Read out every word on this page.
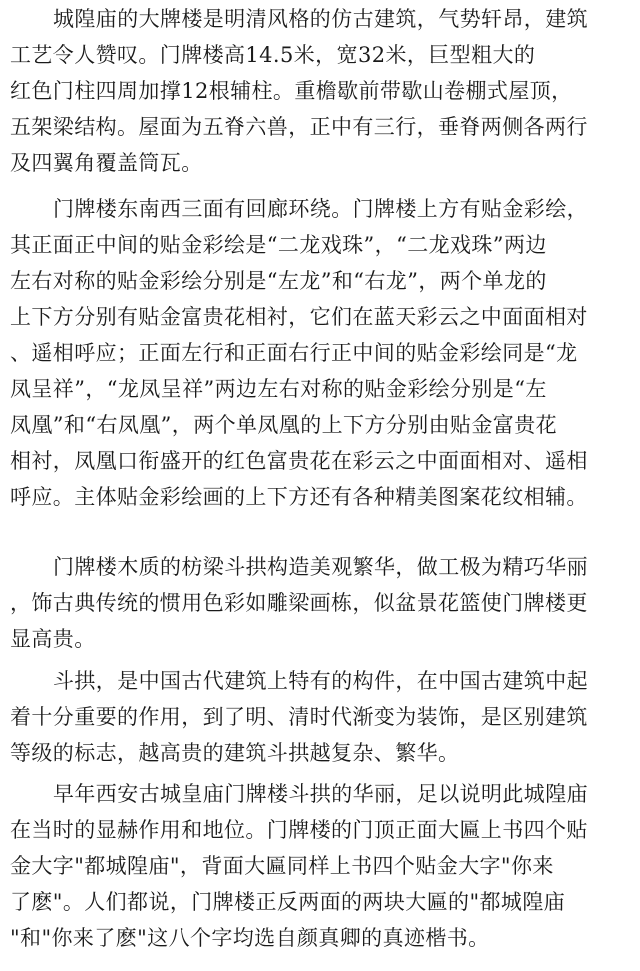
城隍庙的大牌楼是明清风格的仿古建筑，气势轩昂，建筑
工艺令人赞叹。门牌楼高14.5米，宽32米，巨型粗大的
红色门柱四周加撑12根辅柱。重檐歇前带歇山卷棚式屋顶，
五架梁结构。屋面为五脊六兽，正中有三行，垂脊两侧各两行
及四翼角覆盖筒瓦。
门牌楼东南西三面有回廊环绕。门牌楼上方有贴金彩绘，
其正面正中间的贴金彩绘是“二龙戏珠”，“二龙戏珠”两边
左右对称的贴金彩绘分别是“左龙”和“右龙”，两个单龙的
上下方分别有贴金富贵花相衬，它们在蓝天彩云之中面面相对
、遥相呼应；正面左行和正面右行正中间的贴金彩绘同是“龙
凤呈祥”，“龙凤呈祥”两边左右对称的贴金彩绘分别是“左
凤凰”和“右凤凰”，两个单凤凰的上下方分别由贴金富贵花
相衬，凤凰口衔盛开的红色富贵花在彩云之中面面相对、遥相
呼应。主体贴金彩绘画的上下方还有各种精美图案花纹相辅。
门牌楼木质的枋梁斗拱构造美观繁华，做工极为精巧华丽
，饰古典传统的惯用色彩如雕梁画栋，似盆景花篮使门牌楼更
显高贵。
斗拱，是中国古代建筑上特有的构件，在中国古建筑中起
着十分重要的作用，到了明、清时代渐变为装饰，是区别建筑
等级的标志，越高贵的建筑斗拱越复杂、繁华。
早年西安古城皇庙门牌楼斗拱的华丽，足以说明此城隍庙
在当时的显赫作用和地位。门牌楼的门顶正面大匾上书四个贴
金大字"都城隍庙"，背面大匾同样上书四个贴金大字"你来
了麽"。人们都说，门牌楼正反两面的两块大匾的"都城隍庙
"和"你来了麽"这八个字均选自颜真卿的真迹楷书。
